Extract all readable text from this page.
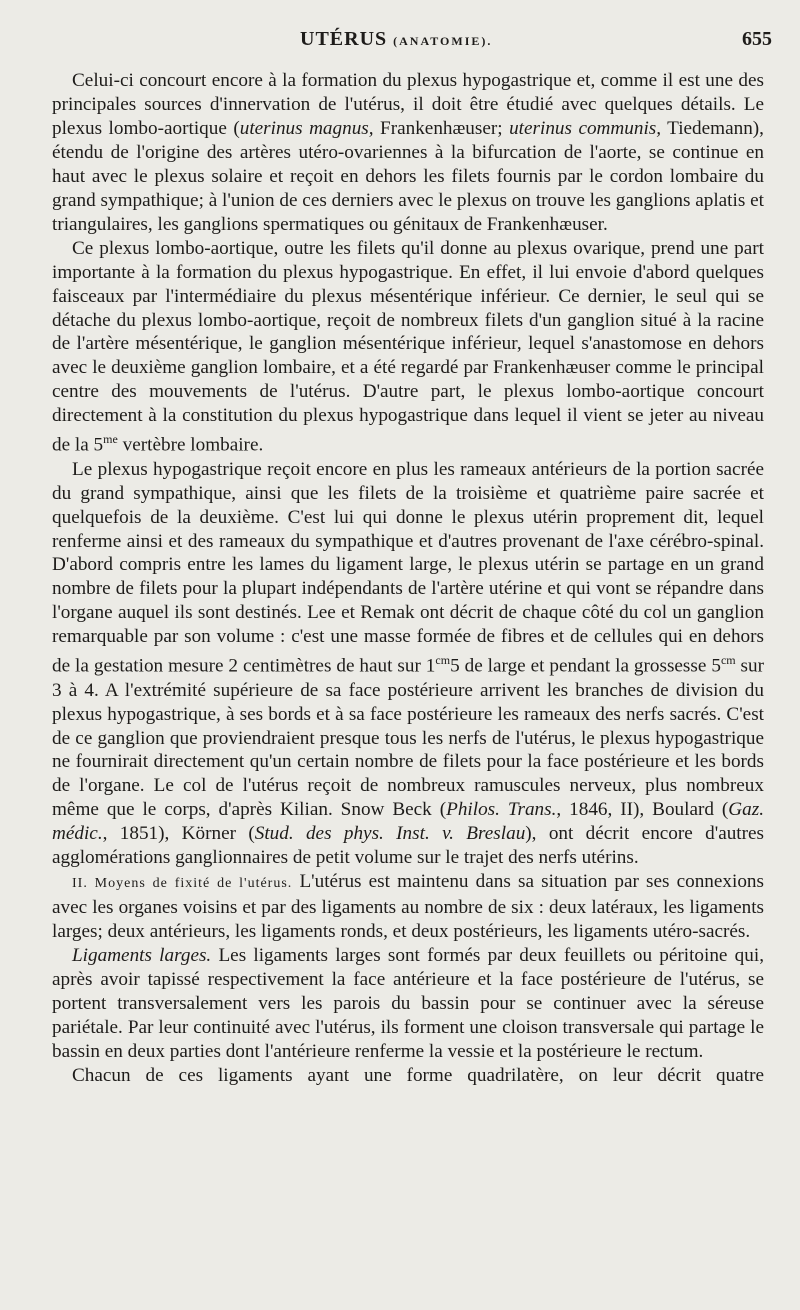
UTÉRUS (ANATOMIE).	655

Celui-ci concourt encore à la formation du plexus hypogastrique et, comme il est une des principales sources d'innervation de l'utérus, il doit être étudié avec quelques détails. Le plexus lombo-aortique (uterinus magnus, Frankenhæuser; uterinus communis, Tiedemann), étendu de l'origine des artères utéro-ovariennes à la bifurcation de l'aorte, se continue en haut avec le plexus solaire et reçoit en dehors les filets fournis par le cordon lombaire du grand sympathique; à l'union de ces derniers avec le plexus on trouve les ganglions aplatis et triangulaires, les ganglions spermatiques ou génitaux de Frankenhæuser.

Ce plexus lombo-aortique, outre les filets qu'il donne au plexus ovarique, prend une part importante à la formation du plexus hypogastrique. En effet, il lui envoie d'abord quelques faisceaux par l'intermédiaire du plexus mésentérique inférieur. Ce dernier, le seul qui se détache du plexus lombo-aortique, reçoit de nombreux filets d'un ganglion situé à la racine de l'artère mésentérique, le ganglion mésentérique inférieur, lequel s'anastomose en dehors avec le deuxième ganglion lombaire, et a été regardé par Frankenhæuser comme le principal centre des mouvements de l'utérus. D'autre part, le plexus lombo-aortique concourt directement à la constitution du plexus hypogastrique dans lequel il vient se jeter au niveau de la $5^{me}$ vertèbre lombaire.

Le plexus hypogastrique reçoit encore en plus les rameaux antérieurs de la portion sacrée du grand sympathique, ainsi que les filets de la troisième et quatrième paire sacrée et quelquefois de la deuxième. C'est lui qui donne le plexus utérin proprement dit, lequel renferme ainsi et des rameaux du sympathique et d'autres provenant de l'axe cérébro-spinal. D'abord compris entre les lames du ligament large, le plexus utérin se partage en un grand nombre de filets pour la plupart indépendants de l'artère utérine et qui vont se répandre dans l'organe auquel ils sont destinés. Lee et Remak ont décrit de chaque côté du col un ganglion remarquable par son volume : c'est une masse formée de fibres et de cellules qui en dehors de la gestation mesure 2 centimètres de haut sur $1^{cm}5$ de large et pendant la grossesse $5^{cm}$ sur 3 à 4. A l'extrémité supérieure de sa face postérieure arrivent les branches de division du plexus hypogastrique, à ses bords et à sa face postérieure les rameaux des nerfs sacrés. C'est de ce ganglion que proviendraient presque tous les nerfs de l'utérus, le plexus hypogastrique ne fournirait directement qu'un certain nombre de filets pour la face postérieure et les bords de l'organe. Le col de l'utérus reçoit de nombreux ramuscules nerveux, plus nombreux même que le corps, d'après Kilian. Snow Beck (Philos. Trans., 1846, II), Boulard (Gaz. médic., 1851), Körner (Stud. des phys. Inst. v. Breslau), ont décrit encore d'autres agglomérations ganglionnaires de petit volume sur le trajet des nerfs utérins.

II. Moyens de fixité de l'utérus. L'utérus est maintenu dans sa situation par ses connexions avec les organes voisins et par des ligaments au nombre de six : deux latéraux, les ligaments larges; deux antérieurs, les ligaments ronds, et deux postérieurs, les ligaments utéro-sacrés.

Ligaments larges. Les ligaments larges sont formés par deux feuillets ou péritoine qui, après avoir tapissé respectivement la face antérieure et la face postérieure de l'utérus, se portent transversalement vers les parois du bassin pour se continuer avec la séreuse pariétale. Par leur continuité avec l'utérus, ils forment une cloison transversale qui partage le bassin en deux parties dont l'antérieure renferme la vessie et la postérieure le rectum.

Chacun de ces ligaments ayant une forme quadrilatère, on leur décrit quatre
